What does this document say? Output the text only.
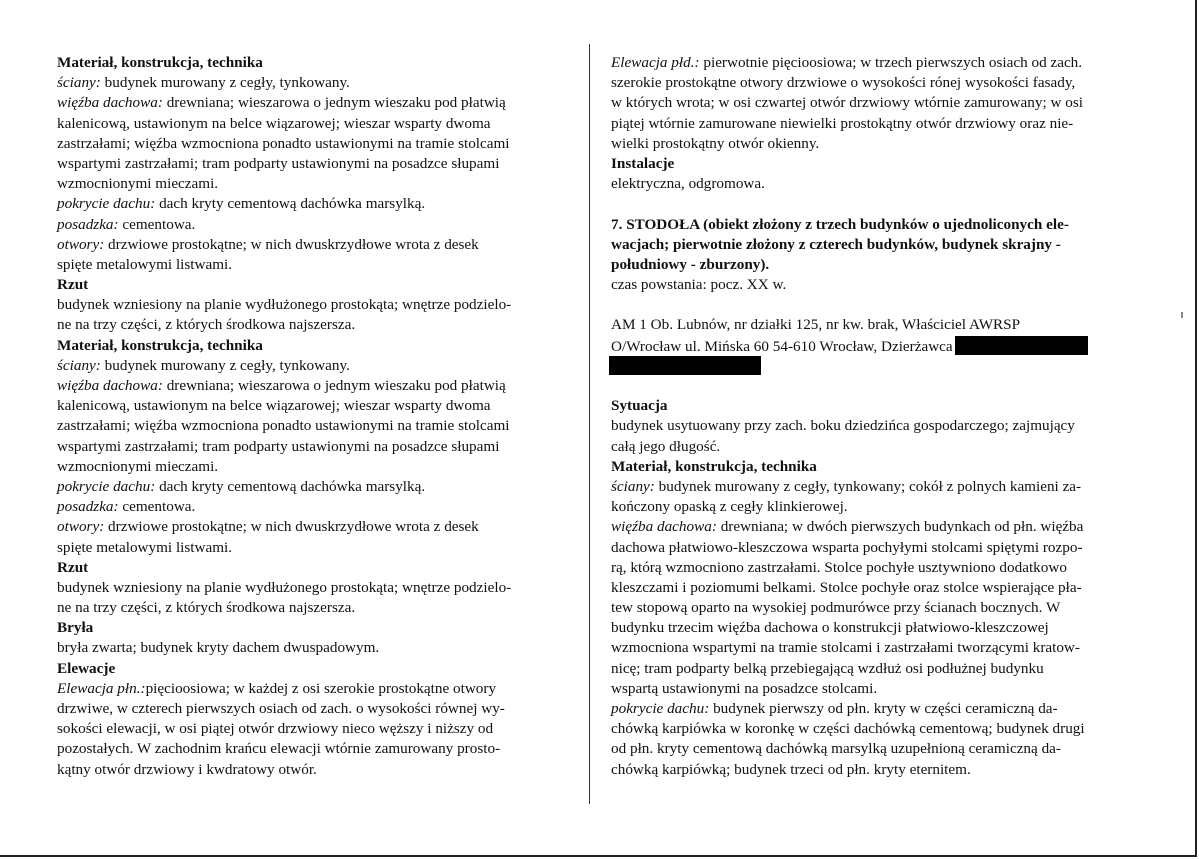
Materiał, konstrukcja, technika
ściany: budynek murowany z cegły, tynkowany.
więźba dachowa: drewniana; wieszarowa o jednym wieszaku pod płatwią
kalenicową, ustawionym na belce wiązarowej; wieszar wsparty dwoma
zastrzałami; więźba wzmocniona ponadto ustawionymi na tramie stolcami
wspartymi zastrzałami; tram podparty ustawionymi na posadzce słupami
wzmocnionymi mieczami.
pokrycie dachu: dach kryty cementową dachówka marsylką.
posadzka: cementowa.
otwory: drzwiowe prostokątne; w nich dwuskrzydłowe wrota z desek
spięte metalowymi listwami.
Rzut
budynek wzniesiony na planie wydłużonego prostokąta; wnętrze podzielo-
ne na trzy części, z których środkowa najszersza.
Materiał, konstrukcja, technika
ściany: budynek murowany z cegły, tynkowany.
więźba dachowa: drewniana; wieszarowa o jednym wieszaku pod płatwią
kalenicową, ustawionym na belce wiązarowej; wieszar wsparty dwoma
zastrzałami; więźba wzmocniona ponadto ustawionymi na tramie stolcami
wspartymi zastrzałami; tram podparty ustawionymi na posadzce słupami
wzmocnionymi mieczami.
pokrycie dachu: dach kryty cementową dachówka marsylką.
posadzka: cementowa.
otwory: drzwiowe prostokątne; w nich dwuskrzydłowe wrota z desek
spięte metalowymi listwami.
Rzut
budynek wzniesiony na planie wydłużonego prostokąta; wnętrze podzielo-
ne na trzy części, z których środkowa najszersza.
Bryła
bryła zwarta; budynek kryty dachem dwuspadowym.
Elewacje
Elewacja płn.:pięcioosiowa; w każdej z osi szerokie prostokątne otwory
drzwiwe, w czterech pierwszych osiach od zach. o wysokości równej wy-
sokości elewacji, w osi piątej otwór drzwiowy nieco węższy i niższy od
pozostałych. W zachodnim krańcu elewacji wtórnie zamurowany prosto-
kątny otwór drzwiowy i kwdratowy otwór.
Elewacja płd.: pierwotnie pięcioosiowa; w trzech pierwszych osiach od zach.
szerokie prostokątne otwory drzwiowe o wysokości rónej wysokości fasady,
w których wrota; w osi czwartej otwór drzwiowy wtórnie zamurowany; w osi
piątej wtórnie zamurowane niewielki prostokątny otwór drzwiowy oraz nie-
wielki prostokątny otwór okienny.
Instalacje
elektryczna, odgromowa.
7. STODOŁA (obiekt złożony z trzech budynków o ujednoliconych ele-
wacjach; pierwotnie złożony z czterech budynków, budynek skrajny -
południowy - zburzony).
czas powstania: pocz. XX w.
AM 1 Ob. Lubnów, nr działki 125, nr kw. brak, Właściciel AWRSP
O/Wrocław ul. Mińska 60 54-610 Wrocław, Dzierżawca
Sytuacja
budynek usytuowany przy zach. boku dziedzińca gospodarczego; zajmujący
całą jego długość.
Materiał, konstrukcja, technika
ściany: budynek murowany z cegły, tynkowany; cokół z polnych kamieni za-
kończony opaską z cegły klinkierowej.
więźba dachowa: drewniana; w dwóch pierwszych budynkach od płn. więźba
dachowa płatwiowo-kleszczowa wsparta pochyłymi stolcami spiętymi rozpo-
rą, którą wzmocniono zastrzałami. Stolce pochyłe usztywniono dodatkowo
kleszczami i poziomumi belkami. Stolce pochyłe oraz stolce wspierające pła-
tew stopową oparto na wysokiej podmurówce przy ścianach bocznych. W
budynku trzecim więźba dachowa o konstrukcji płatwiowo-kleszczowej
wzmocniona wspartymi na tramie stolcami i zastrzałami tworzącymi kratow-
nicę; tram podparty belką przebiegającą wzdłuż osi podłużnej budynku
wspartą ustawionymi na posadzce stolcami.
pokrycie dachu: budynek pierwszy od płn. kryty w części ceramiczną da-
chówką karpiówka w koronkę w części dachówką cementową; budynek drugi
od płn. kryty cementową dachówką marsylką uzupełnioną ceramiczną da-
chówką karpiówką; budynek trzeci od płn. kryty eternitem.
